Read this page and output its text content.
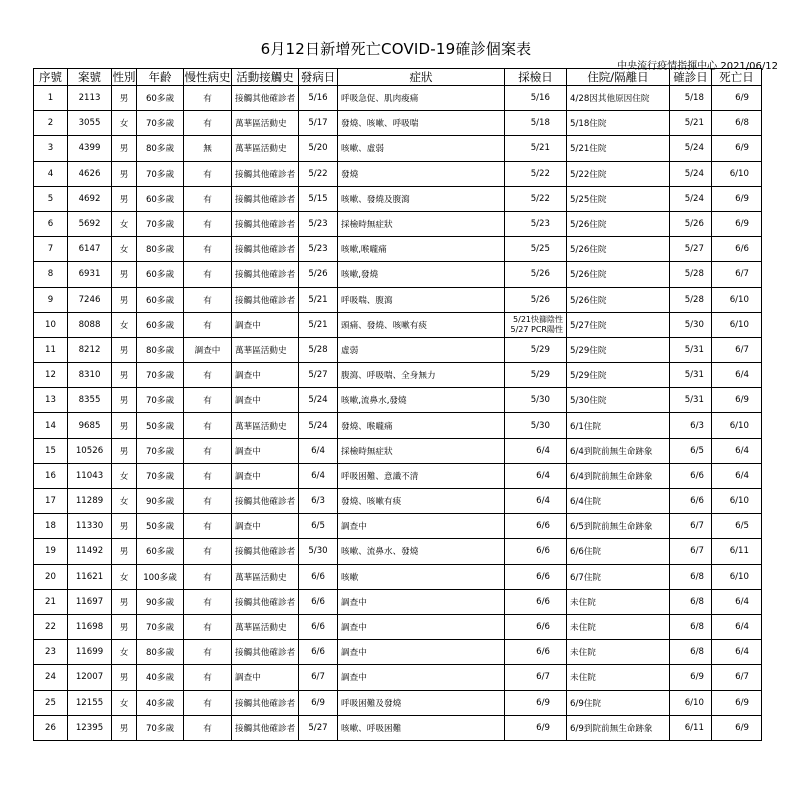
6月12日新增死亡COVID-19確診個案表
中央流行疫情指揮中心 2021/06/12
序號	案號	性別	年齡	慢性病史	活動接觸史	發病日	症狀	採檢日	住院/隔離日	確診日	死亡日
1	2113	男	60多歲	有	接觸其他確診者	5/16	呼吸急促、肌肉痠痛	5/16	4/28因其他原因住院	5/18	6/9
2	3055	女	70多歲	有	萬華區活動史	5/17	發燒、咳嗽、呼吸喘	5/18	5/18住院	5/21	6/8
3	4399	男	80多歲	無	萬華區活動史	5/20	咳嗽、虛弱	5/21	5/21住院	5/24	6/9
4	4626	男	70多歲	有	接觸其他確診者	5/22	發燒	5/22	5/22住院	5/24	6/10
5	4692	男	60多歲	有	接觸其他確診者	5/15	咳嗽、發燒及腹瀉	5/22	5/25住院	5/24	6/9
6	5692	女	70多歲	有	接觸其他確診者	5/23	採檢時無症狀	5/23	5/26住院	5/26	6/9
7	6147	女	80多歲	有	接觸其他確診者	5/23	咳嗽,喉嚨痛	5/25	5/26住院	5/27	6/6
8	6931	男	60多歲	有	接觸其他確診者	5/26	咳嗽,發燒	5/26	5/26住院	5/28	6/7
9	7246	男	60多歲	有	接觸其他確診者	5/21	呼吸喘、腹瀉	5/26	5/26住院	5/28	6/10
10	8088	女	60多歲	有	調查中	5/21	頭痛、發燒、咳嗽有痰	5/21快篩陰性
5/27 PCR陽性	5/27住院	5/30	6/10
11	8212	男	80多歲	調查中	萬華區活動史	5/28	虛弱	5/29	5/29住院	5/31	6/7
12	8310	男	70多歲	有	調查中	5/27	腹瀉、呼吸喘、全身無力	5/29	5/29住院	5/31	6/4
13	8355	男	70多歲	有	調查中	5/24	咳嗽,流鼻水,發燒	5/30	5/30住院	5/31	6/9
14	9685	男	50多歲	有	萬華區活動史	5/24	發燒、喉嚨痛	5/30	6/1住院	6/3	6/10
15	10526	男	70多歲	有	調查中	6/4	採檢時無症狀	6/4	6/4到院前無生命跡象	6/5	6/4
16	11043	女	70多歲	有	調查中	6/4	呼吸困難、意識不清	6/4	6/4到院前無生命跡象	6/6	6/4
17	11289	女	90多歲	有	接觸其他確診者	6/3	發燒、咳嗽有痰	6/4	6/4住院	6/6	6/10
18	11330	男	50多歲	有	調查中	6/5	調查中	6/6	6/5到院前無生命跡象	6/7	6/5
19	11492	男	60多歲	有	接觸其他確診者	5/30	咳嗽、流鼻水、發燒	6/6	6/6住院	6/7	6/11
20	11621	女	100多歲	有	萬華區活動史	6/6	咳嗽	6/6	6/7住院	6/8	6/10
21	11697	男	90多歲	有	接觸其他確診者	6/6	調查中	6/6	未住院	6/8	6/4
22	11698	男	70多歲	有	萬華區活動史	6/6	調查中	6/6	未住院	6/8	6/4
23	11699	女	80多歲	有	接觸其他確診者	6/6	調查中	6/6	未住院	6/8	6/4
24	12007	男	40多歲	有	調查中	6/7	調查中	6/7	未住院	6/9	6/7
25	12155	女	40多歲	有	接觸其他確診者	6/9	呼吸困難及發燒	6/9	6/9住院	6/10	6/9
26	12395	男	70多歲	有	接觸其他確診者	5/27	咳嗽、呼吸困難	6/9	6/9到院前無生命跡象	6/11	6/9
